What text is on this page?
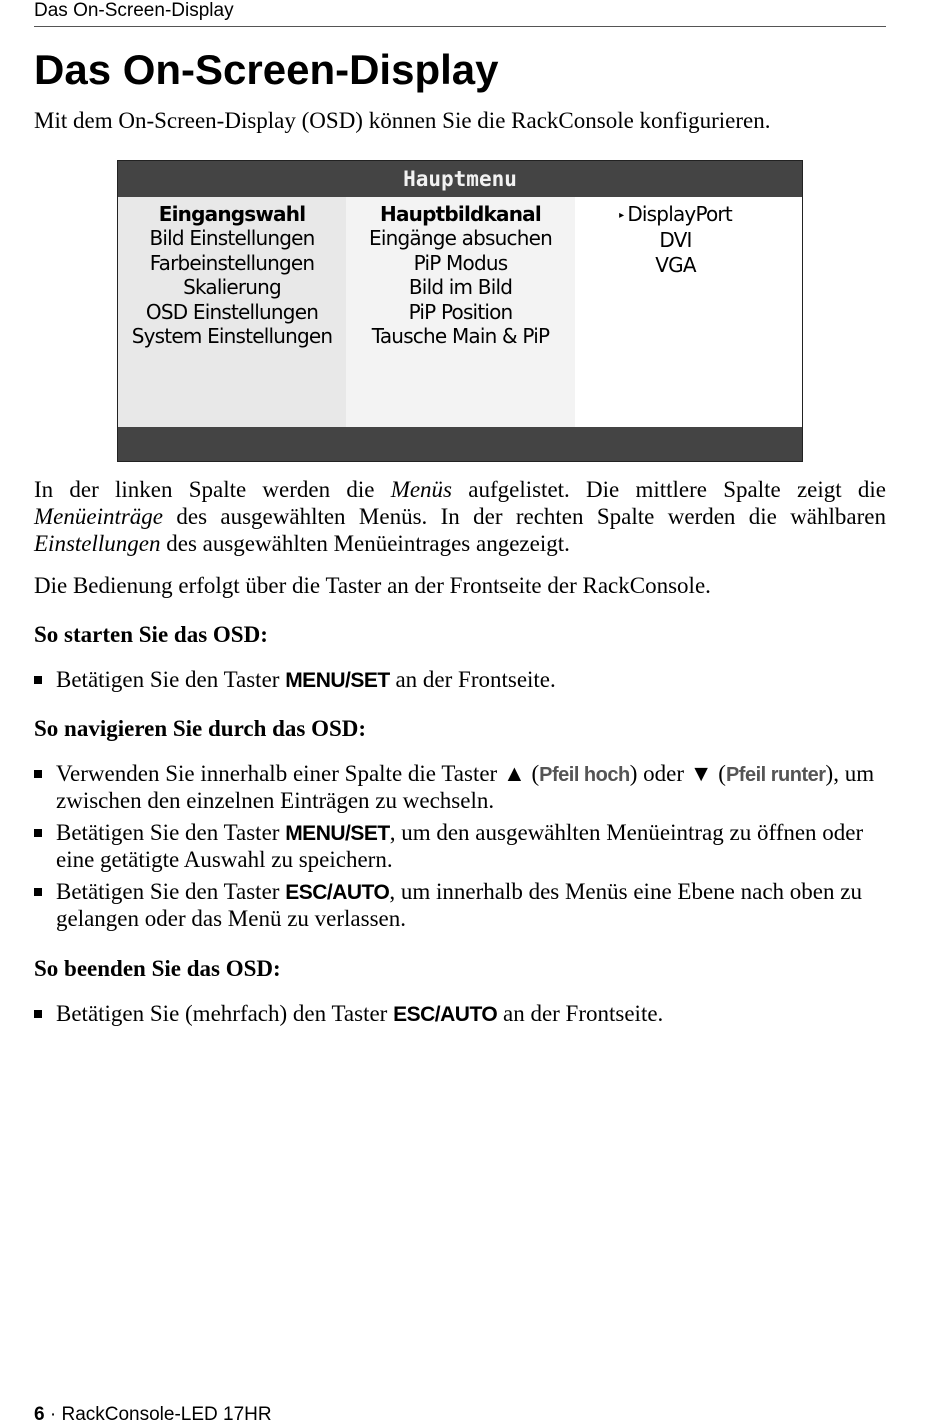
Das On-Screen-Display
Das On-Screen-Display

Mit dem On-Screen-Display (OSD) können Sie die RackConsole konfigurieren.

Hauptmenu
Eingangswahl
Bild Einstellungen
Farbeinstellungen
Skalierung
OSD Einstellungen
System Einstellungen
Hauptbildkanal
Eingänge absuchen
PiP Modus
Bild im Bild
PiP Position
Tausche Main & PiP
▸ DisplayPort
DVI
VGA

In der linken Spalte werden die Menüs aufgelistet. Die mittlere Spalte zeigt die Menüeinträge des ausgewählten Menüs. In der rechten Spalte werden die wählbaren Einstellungen des ausgewählten Menüeintrages angezeigt.

Die Bedienung erfolgt über die Taster an der Frontseite der RackConsole.

So starten Sie das OSD:
Betätigen Sie den Taster MENU/SET an der Frontseite.
So navigieren Sie durch das OSD:
Verwenden Sie innerhalb einer Spalte die Taster ▲ (Pfeil hoch) oder ▼ (Pfeil runter), um zwischen den einzelnen Einträgen zu wechseln.
Betätigen Sie den Taster MENU/SET, um den ausgewählten Menüeintrag zu öffnen oder eine getätigte Auswahl zu speichern.
Betätigen Sie den Taster ESC/AUTO, um innerhalb des Menüs eine Ebene nach oben zu gelangen oder das Menü zu verlassen.
So beenden Sie das OSD:
Betätigen Sie (mehrfach) den Taster ESC/AUTO an der Frontseite.
6 · RackConsole-LED 17HR
